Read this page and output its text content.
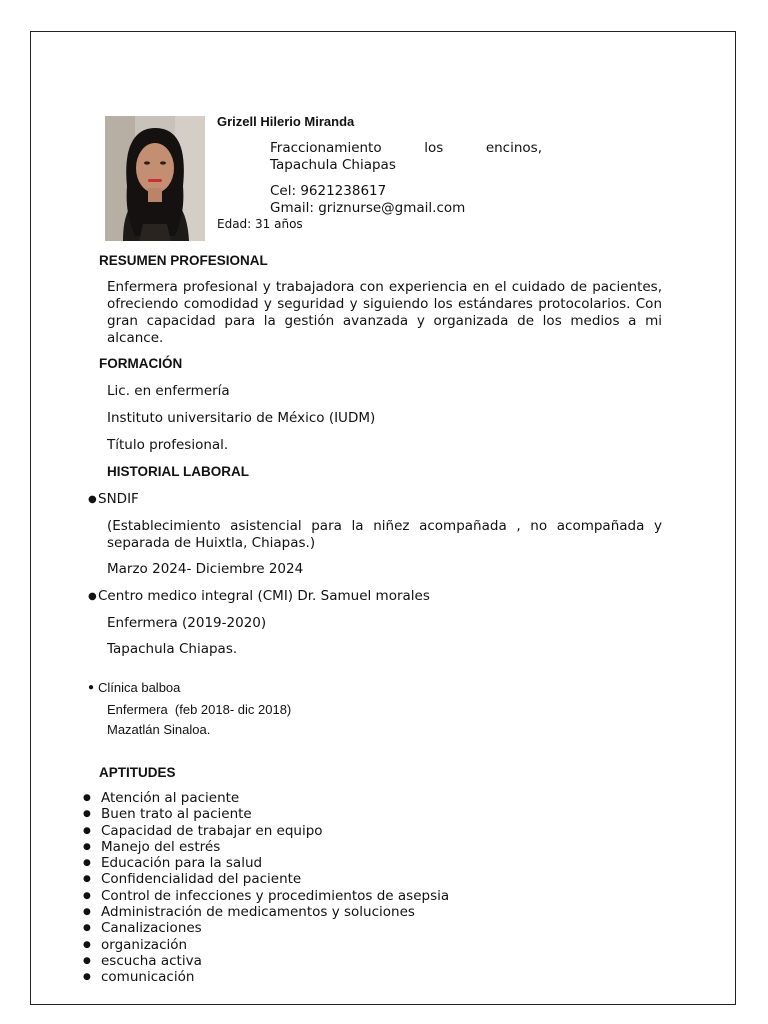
Grizell Hilerio Miranda

Fraccionamiento	los	encinos,
Tapachula Chiapas
Cel: 9621238617
Gmail: griznurse@gmail.com

Edad: 31 años

RESUMEN PROFESIONAL

Enfermera profesional y trabajadora con experiencia en el cuidado de pacientes, ofreciendo comodidad y seguridad y siguiendo los estándares protocolarios. Con gran capacidad para la gestión avanzada y organizada de los medios a mi alcance.

FORMACIÓN

Lic. en enfermería

Instituto universitario de México (IUDM)

Título profesional.

HISTORIAL LABORAL

● SNDIF

(Establecimiento asistencial para la niñez acompañada , no acompañada y separada de Huixtla, Chiapas.)

Marzo 2024- Diciembre 2024

● Centro medico integral (CMI) Dr. Samuel morales

Enfermera (2019-2020)

Tapachula Chiapas.

● Clínica balboa

Enfermera  (feb 2018- dic 2018)

Mazatlán Sinaloa.

APTITUDES

● Atención al paciente
● Buen trato al paciente
● Capacidad de trabajar en equipo
● Manejo del estrés
● Educación para la salud
● Confidencialidad del paciente
● Control de infecciones y procedimientos de asepsia
● Administración de medicamentos y soluciones
● Canalizaciones
● organización
● escucha activa
● comunicación
